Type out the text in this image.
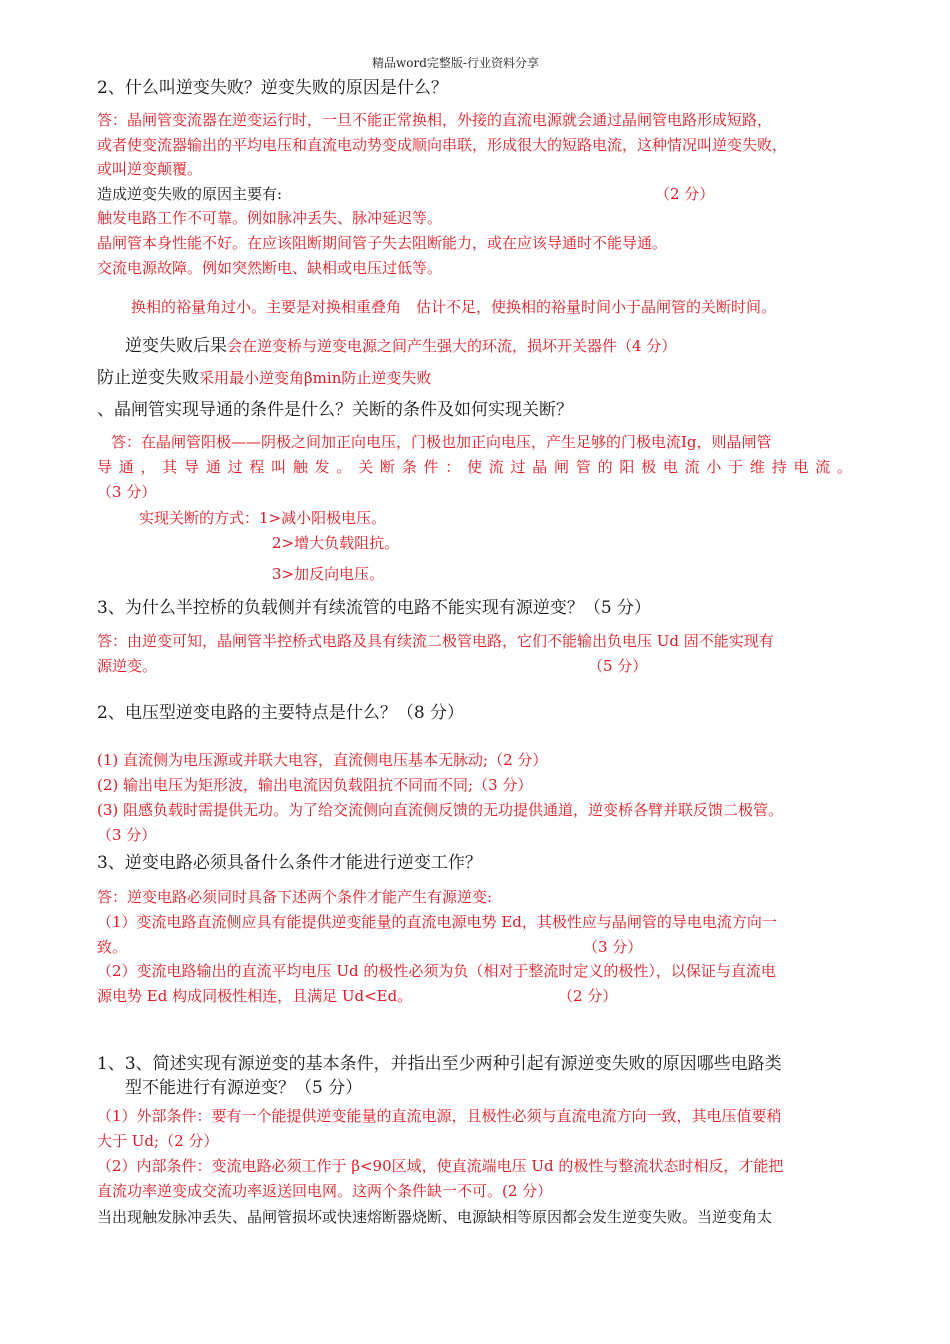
精品word完整版-行业资料分享
2、什么叫逆变失败？逆变失败的原因是什么？
答：晶闸管变流器在逆变运行时，一旦不能正常换相，外接的直流电源就会通过晶闸管电路形成短路，
或者使变流器输出的平均电压和直流电动势变成顺向串联，形成很大的短路电流，这种情况叫逆变失败，
或叫逆变颠覆。
造成逆变失败的原因主要有:	（2 分）
触发电路工作不可靠。例如脉冲丢失、脉冲延迟等。
晶闸管本身性能不好。在应该阻断期间管子失去阻断能力，或在应该导通时不能导通。
交流电源故障。例如突然断电、缺相或电压过低等。
换相的裕量角过小。主要是对换相重叠角　估计不足，使换相的裕量时间小于晶闸管的关断时间。
逆变失败后果会在逆变桥与逆变电源之间产生强大的环流，损坏开关器件（4 分）
防止逆变失败采用最小逆变角βmin防止逆变失败
、晶闸管实现导通的条件是什么？关断的条件及如何实现关断？
答：在晶闸管阳极——阴极之间加正向电压，门极也加正向电压，产生足够的门极电流Ig，则晶闸管
导通，其导通过程叫触发。关断条件：使流过晶闸管的阳极电流小于维持电流。
（3 分）
实现关断的方式：1>减小阳极电压。
2>增大负载阻抗。
3>加反向电压。
3、为什么半控桥的负载侧并有续流管的电路不能实现有源逆变？（5 分）
答：由逆变可知，晶闸管半控桥式电路及具有续流二极管电路，它们不能输出负电压 Ud 固不能实现有
源逆变。	（5 分）
2、电压型逆变电路的主要特点是什么？（8 分）
(1) 直流侧为电压源或并联大电容，直流侧电压基本无脉动;（2 分）
(2) 输出电压为矩形波，输出电流因负载阻抗不同而不同;（3 分）
(3) 阻感负载时需提供无功。为了给交流侧向直流侧反馈的无功提供通道，逆变桥各臂并联反馈二极管。
（3 分）
3、逆变电路必须具备什么条件才能进行逆变工作？
答：逆变电路必须同时具备下述两个条件才能产生有源逆变:
（1）变流电路直流侧应具有能提供逆变能量的直流电源电势 Ed，其极性应与晶闸管的导电电流方向一
致。	（3 分）
（2）变流电路输出的直流平均电压 Ud 的极性必须为负（相对于整流时定义的极性），以保证与直流电
源电势 Ed 构成同极性相连，且满足 Ud<Ed。	（2 分）
1、3、简述实现有源逆变的基本条件，并指出至少两种引起有源逆变失败的原因哪些电路类
型不能进行有源逆变？（5 分）
（1）外部条件：要有一个能提供逆变能量的直流电源，且极性必须与直流电流方向一致，其电压值要稍
大于 Ud;（2 分）
（2）内部条件：变流电路必须工作于 β<90区域，使直流端电压 Ud 的极性与整流状态时相反，才能把
直流功率逆变成交流功率返送回电网。这两个条件缺一不可。(2 分）
当出现触发脉冲丢失、晶闸管损坏或快速熔断器烧断、电源缺相等原因都会发生逆变失败。当逆变角太
